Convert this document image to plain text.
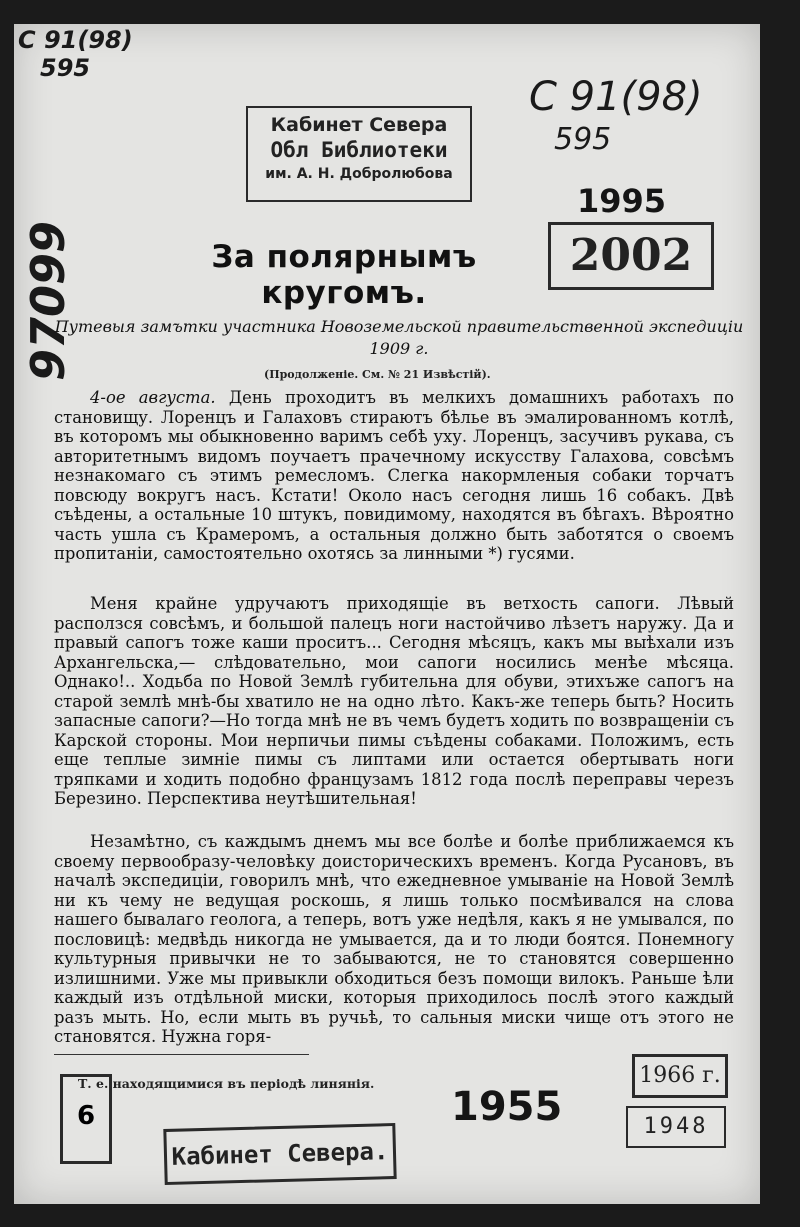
С 91(98)
595
97099
Кабинет Севера
Обл Библиотеки
им. А. Н. Добролюбова
С 91(98)
595
1995
2002
За полярнымъ кругомъ.
Путевыя замътки участника Новоземельской правительственной экспедиціи 1909 г.
(Продолженіе. См. № 21 Извѣстій).
4-ое августа. День проходитъ въ мелкихъ домашнихъ работахъ по становищу. Лоренцъ и Галаховъ стираютъ бѣлье въ эмалированномъ котлѣ, въ которомъ мы обыкновенно варимъ себѣ уху. Лоренцъ, засучивъ рукава, съ авторитетнымъ видомъ поучаетъ прачечному искусству Галахова, совсѣмъ незнакомаго съ этимъ ремесломъ. Слегка накормленыя собаки торчатъ повсюду вокругъ насъ. Кстати! Около насъ сегодня лишь 16 собакъ. Двѣ съѣдены, а остальные 10 штукъ, повидимому, находятся въ бѣгахъ. Вѣроятно часть ушла съ Крамеромъ, а остальныя должно быть заботятся о своемъ пропитаніи, самостоятельно охотясь за линными *) гусями.
Меня крайне удручаютъ приходящіе въ ветхость сапоги. Лѣвый расползся совсѣмъ, и большой палецъ ноги настойчиво лѣзетъ наружу. Да и правый сапогъ тоже каши проситъ... Сегодня мѣсяцъ, какъ мы выѣхали изъ Архангельска,— слѣдовательно, мои сапоги носились менѣе мѣсяца. Однако!.. Ходьба по Новой Землѣ губительна для обуви, этихъже сапогъ на старой землѣ мнѣ-бы хватило не на одно лѣто. Какъ-же теперь быть? Носить запасные сапоги?—Но тогда мнѣ не въ чемъ будетъ ходить по возвращеніи съ Карской стороны. Мои нерпичьи пимы съѣдены собаками. Положимъ, есть еще теплые зимніе пимы съ липтами или остается обертывать ноги тряпками и ходить подобно французамъ 1812 года послѣ переправы черезъ Березино. Перспектива неутѣшительная!
Незамѣтно, съ каждымъ днемъ мы все болѣе и болѣе приближаемся къ своему первообразу-человѣку доисторическихъ временъ. Когда Русановъ, въ началѣ экспедиціи, говорилъ мнѣ, что ежедневное умываніе на Новой Землѣ ни къ чему не ведущая роскошь, я лишь только посмѣивался на слова нашего бывалаго геолога, а теперь, вотъ уже недѣля, какъ я не умывался, по пословицѣ: медвѣдь никогда не умывается, да и то люди боятся. Понемногу культурныя привычки не то забываются, не то становятся совершенно излишними. Уже мы привыкли обходиться безъ помощи вилокъ. Раньше ѣли каждый изъ отдѣльной миски, которыя приходилось послѣ этого каждый разъ мыть. Но, если мыть въ ручьѣ, то сальныя миски чище отъ этого не становятся. Нужна горя-
Т. е. находящимися въ періодѣ линянія.	1966 г.
1955	1948
6
Кабинет Севера.
